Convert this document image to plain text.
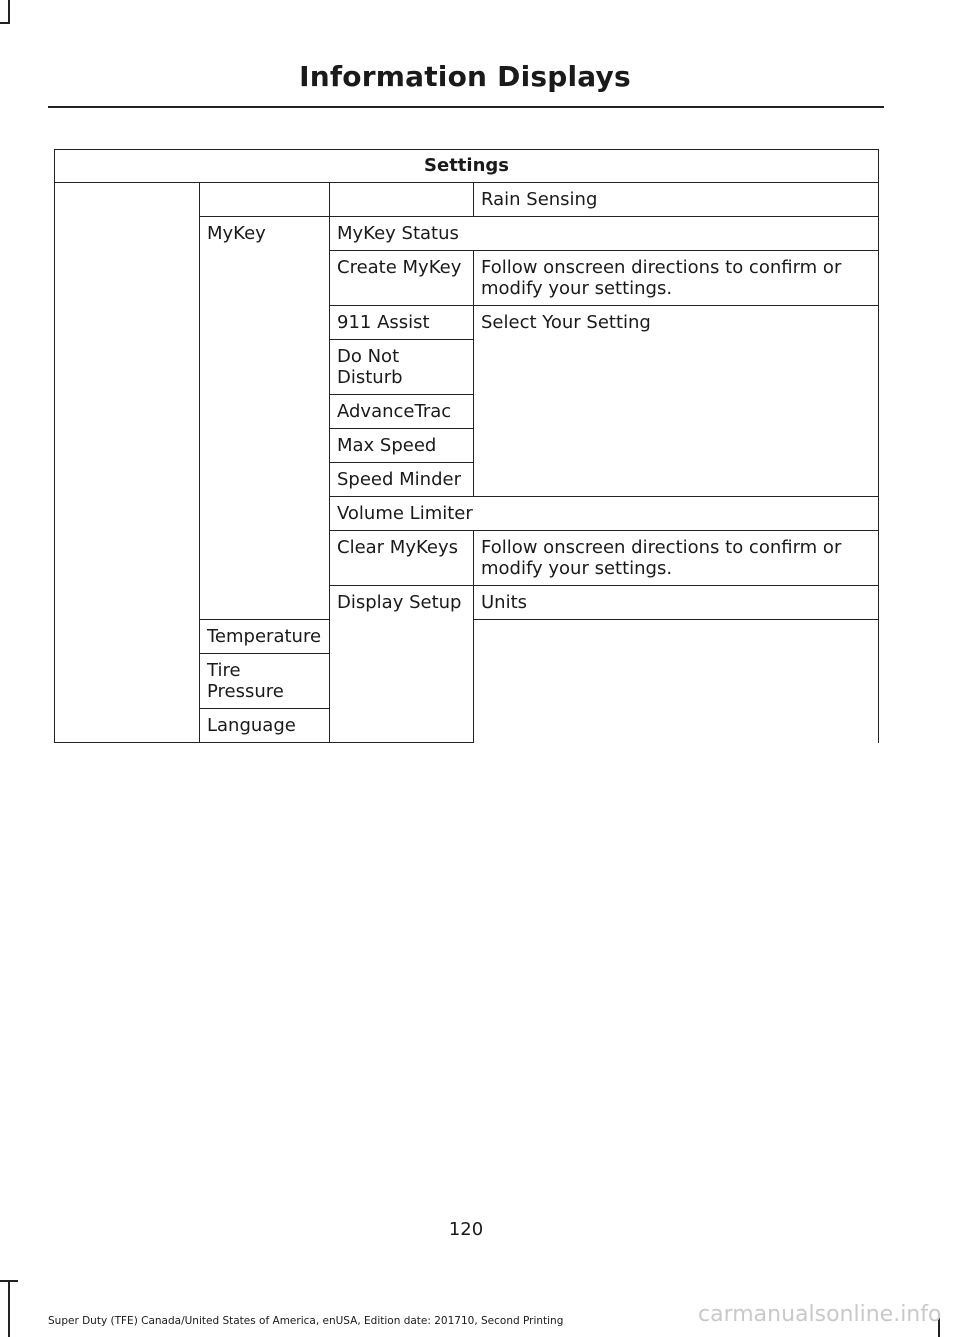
Information Displays
Settings				
			Rain Sensing	
	MyKey	MyKey Status		
		Create MyKey	Follow onscreen directions to confirm or modify your settings.	
		911 Assist	Select Your Setting	
		Do Not Disturb		
		AdvanceTrac		
		Max Speed		
		Speed Minder		
		Volume Limiter		
		Clear MyKeys	Follow onscreen directions to confirm or modify your settings.	
		Display Setup	Units	
	Temperature			
	Tire Pressure			
	Language			
120
Super Duty (TFE) Canada/United States of America, enUSA, Edition date: 201710, Second Printing	carmanualsonline.info
